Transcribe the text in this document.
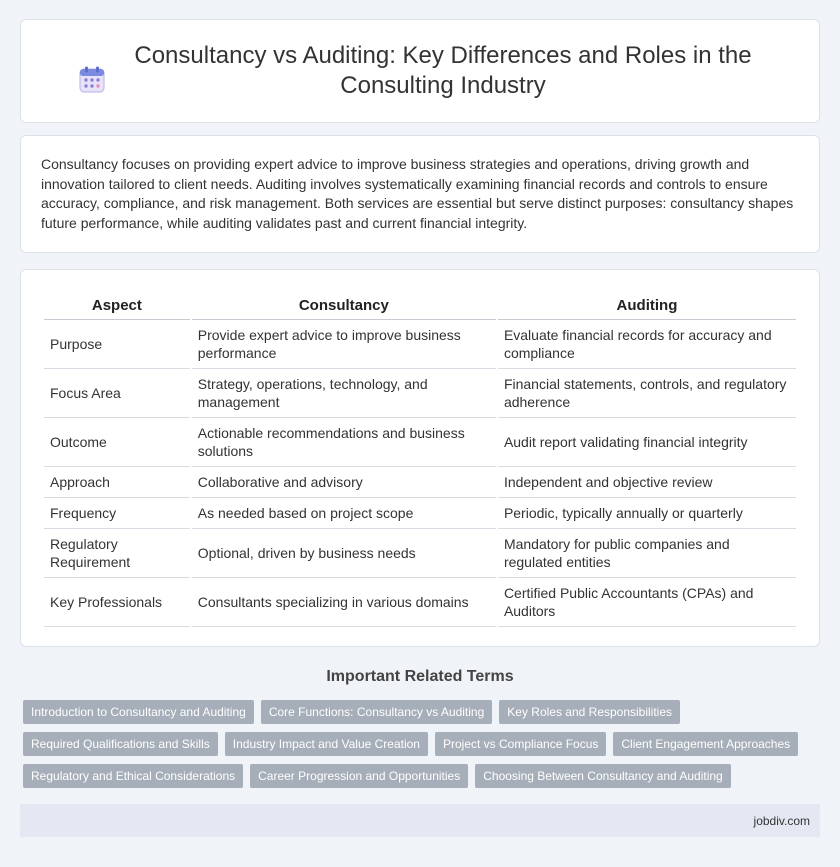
Consultancy vs Auditing: Key Differences and Roles in the Consulting Industry

Consultancy focuses on providing expert advice to improve business strategies and operations, driving growth and innovation tailored to client needs. Auditing involves systematically examining financial records and controls to ensure accuracy, compliance, and risk management. Both services are essential but serve distinct purposes: consultancy shapes future performance, while auditing validates past and current financial integrity.

Aspect	Consultancy	Auditing
Purpose	Provide expert advice to improve business performance	Evaluate financial records for accuracy and compliance
Focus Area	Strategy, operations, technology, and management	Financial statements, controls, and regulatory adherence
Outcome	Actionable recommendations and business solutions	Audit report validating financial integrity
Approach	Collaborative and advisory	Independent and objective review
Frequency	As needed based on project scope	Periodic, typically annually or quarterly
Regulatory Requirement	Optional, driven by business needs	Mandatory for public companies and regulated entities
Key Professionals	Consultants specializing in various domains	Certified Public Accountants (CPAs) and Auditors
Important Related Terms
Introduction to Consultancy and Auditing	Core Functions: Consultancy vs Auditing	Key Roles and Responsibilities
Required Qualifications and Skills	Industry Impact and Value Creation	Project vs Compliance Focus	Client Engagement Approaches
Regulatory and Ethical Considerations	Career Progression and Opportunities	Choosing Between Consultancy and Auditing
jobdiv.com
